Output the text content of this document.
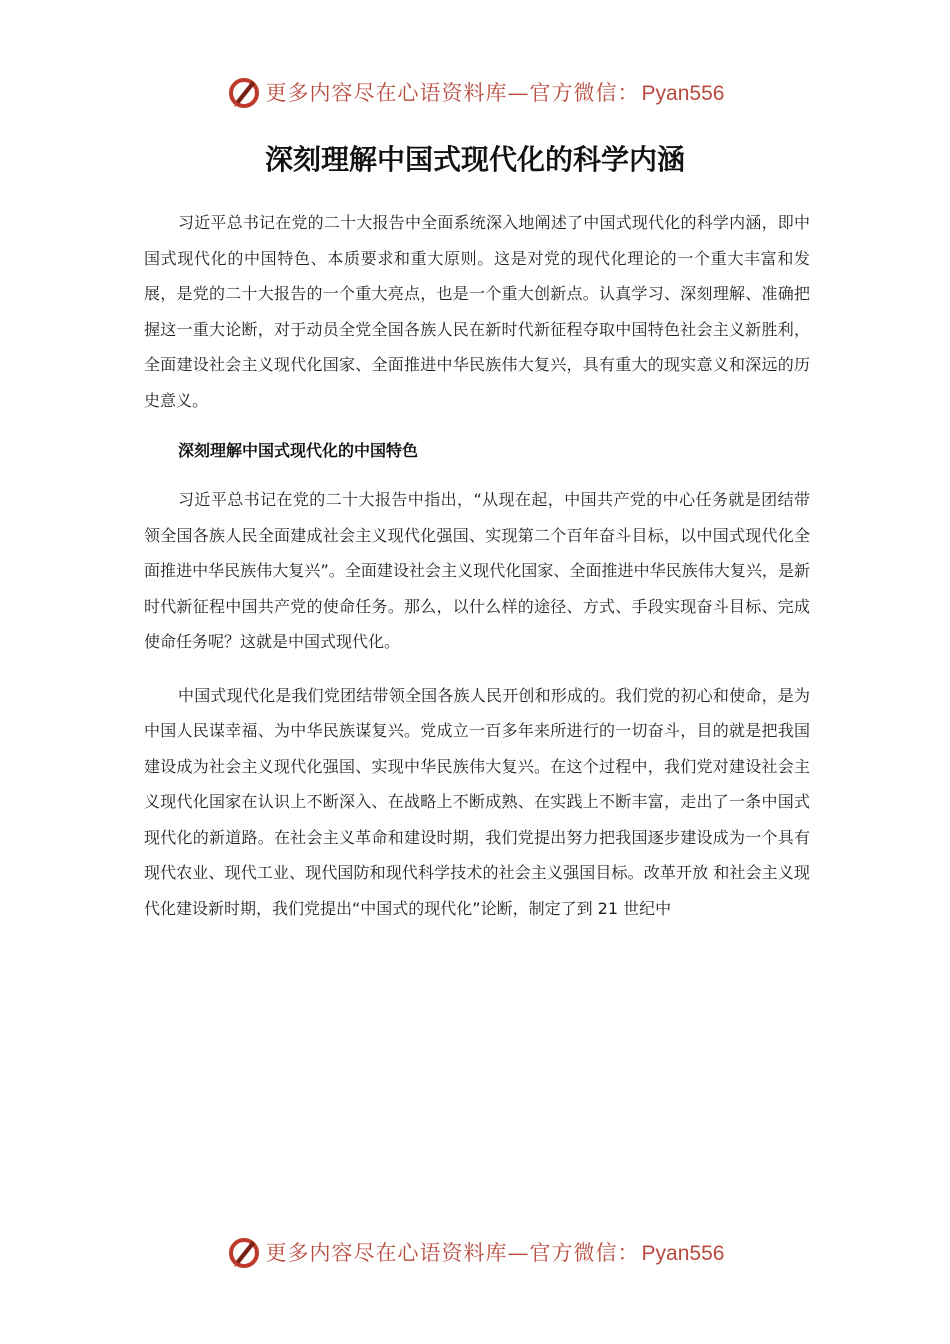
更多内容尽在心语资料库—官方微信：Pyan556
深刻理解中国式现代化的科学内涵

习近平总书记在党的二十大报告中全面系统深入地阐述了中国式现代化的科学内涵，即中国式现代化的中国特色、本质要求和重大原则。这是对党的现代化理论的一个重大丰富和发展，是党的二十大报告的一个重大亮点，也是一个重大创新点。认真学习、深刻理解、准确把握这一重大论断，对于动员全党全国各族人民在新时代新征程夺取中国特色社会主义新胜利，全面建设社会主义现代化国家、全面推进中华民族伟大复兴，具有重大的现实意义和深远的历史意义。

深刻理解中国式现代化的中国特色

习近平总书记在党的二十大报告中指出，“从现在起，中国共产党的中心任务就是团结带领全国各族人民全面建成社会主义现代化强国、实现第二个百年奋斗目标，以中国式现代化全面推进中华民族伟大复兴”。全面建设社会主义现代化国家、全面推进中华民族伟大复兴，是新时代新征程中国共产党的使命任务。那么，以什么样的途径、方式、手段实现奋斗目标、完成使命任务呢？这就是中国式现代化。

中国式现代化是我们党团结带领全国各族人民开创和形成的。我们党的初心和使命，是为中国人民谋幸福、为中华民族谋复兴。党成立一百多年来所进行的一切奋斗，目的就是把我国建设成为社会主义现代化强国、实现中华民族伟大复兴。在这个过程中，我们党对建设社会主义现代化国家在认识上不断深入、在战略上不断成熟、在实践上不断丰富，走出了一条中国式现代化的新道路。在社会主义革命和建设时期，我们党提出努力把我国逐步建设成为一个具有现代农业、现代工业、现代国防和现代科学技术的社会主义强国目标。改革开放 和社会主义现代化建设新时期，我们党提出“中国式的现代化”论断，制定了到 21 世纪中

更多内容尽在心语资料库—官方微信：Pyan556
